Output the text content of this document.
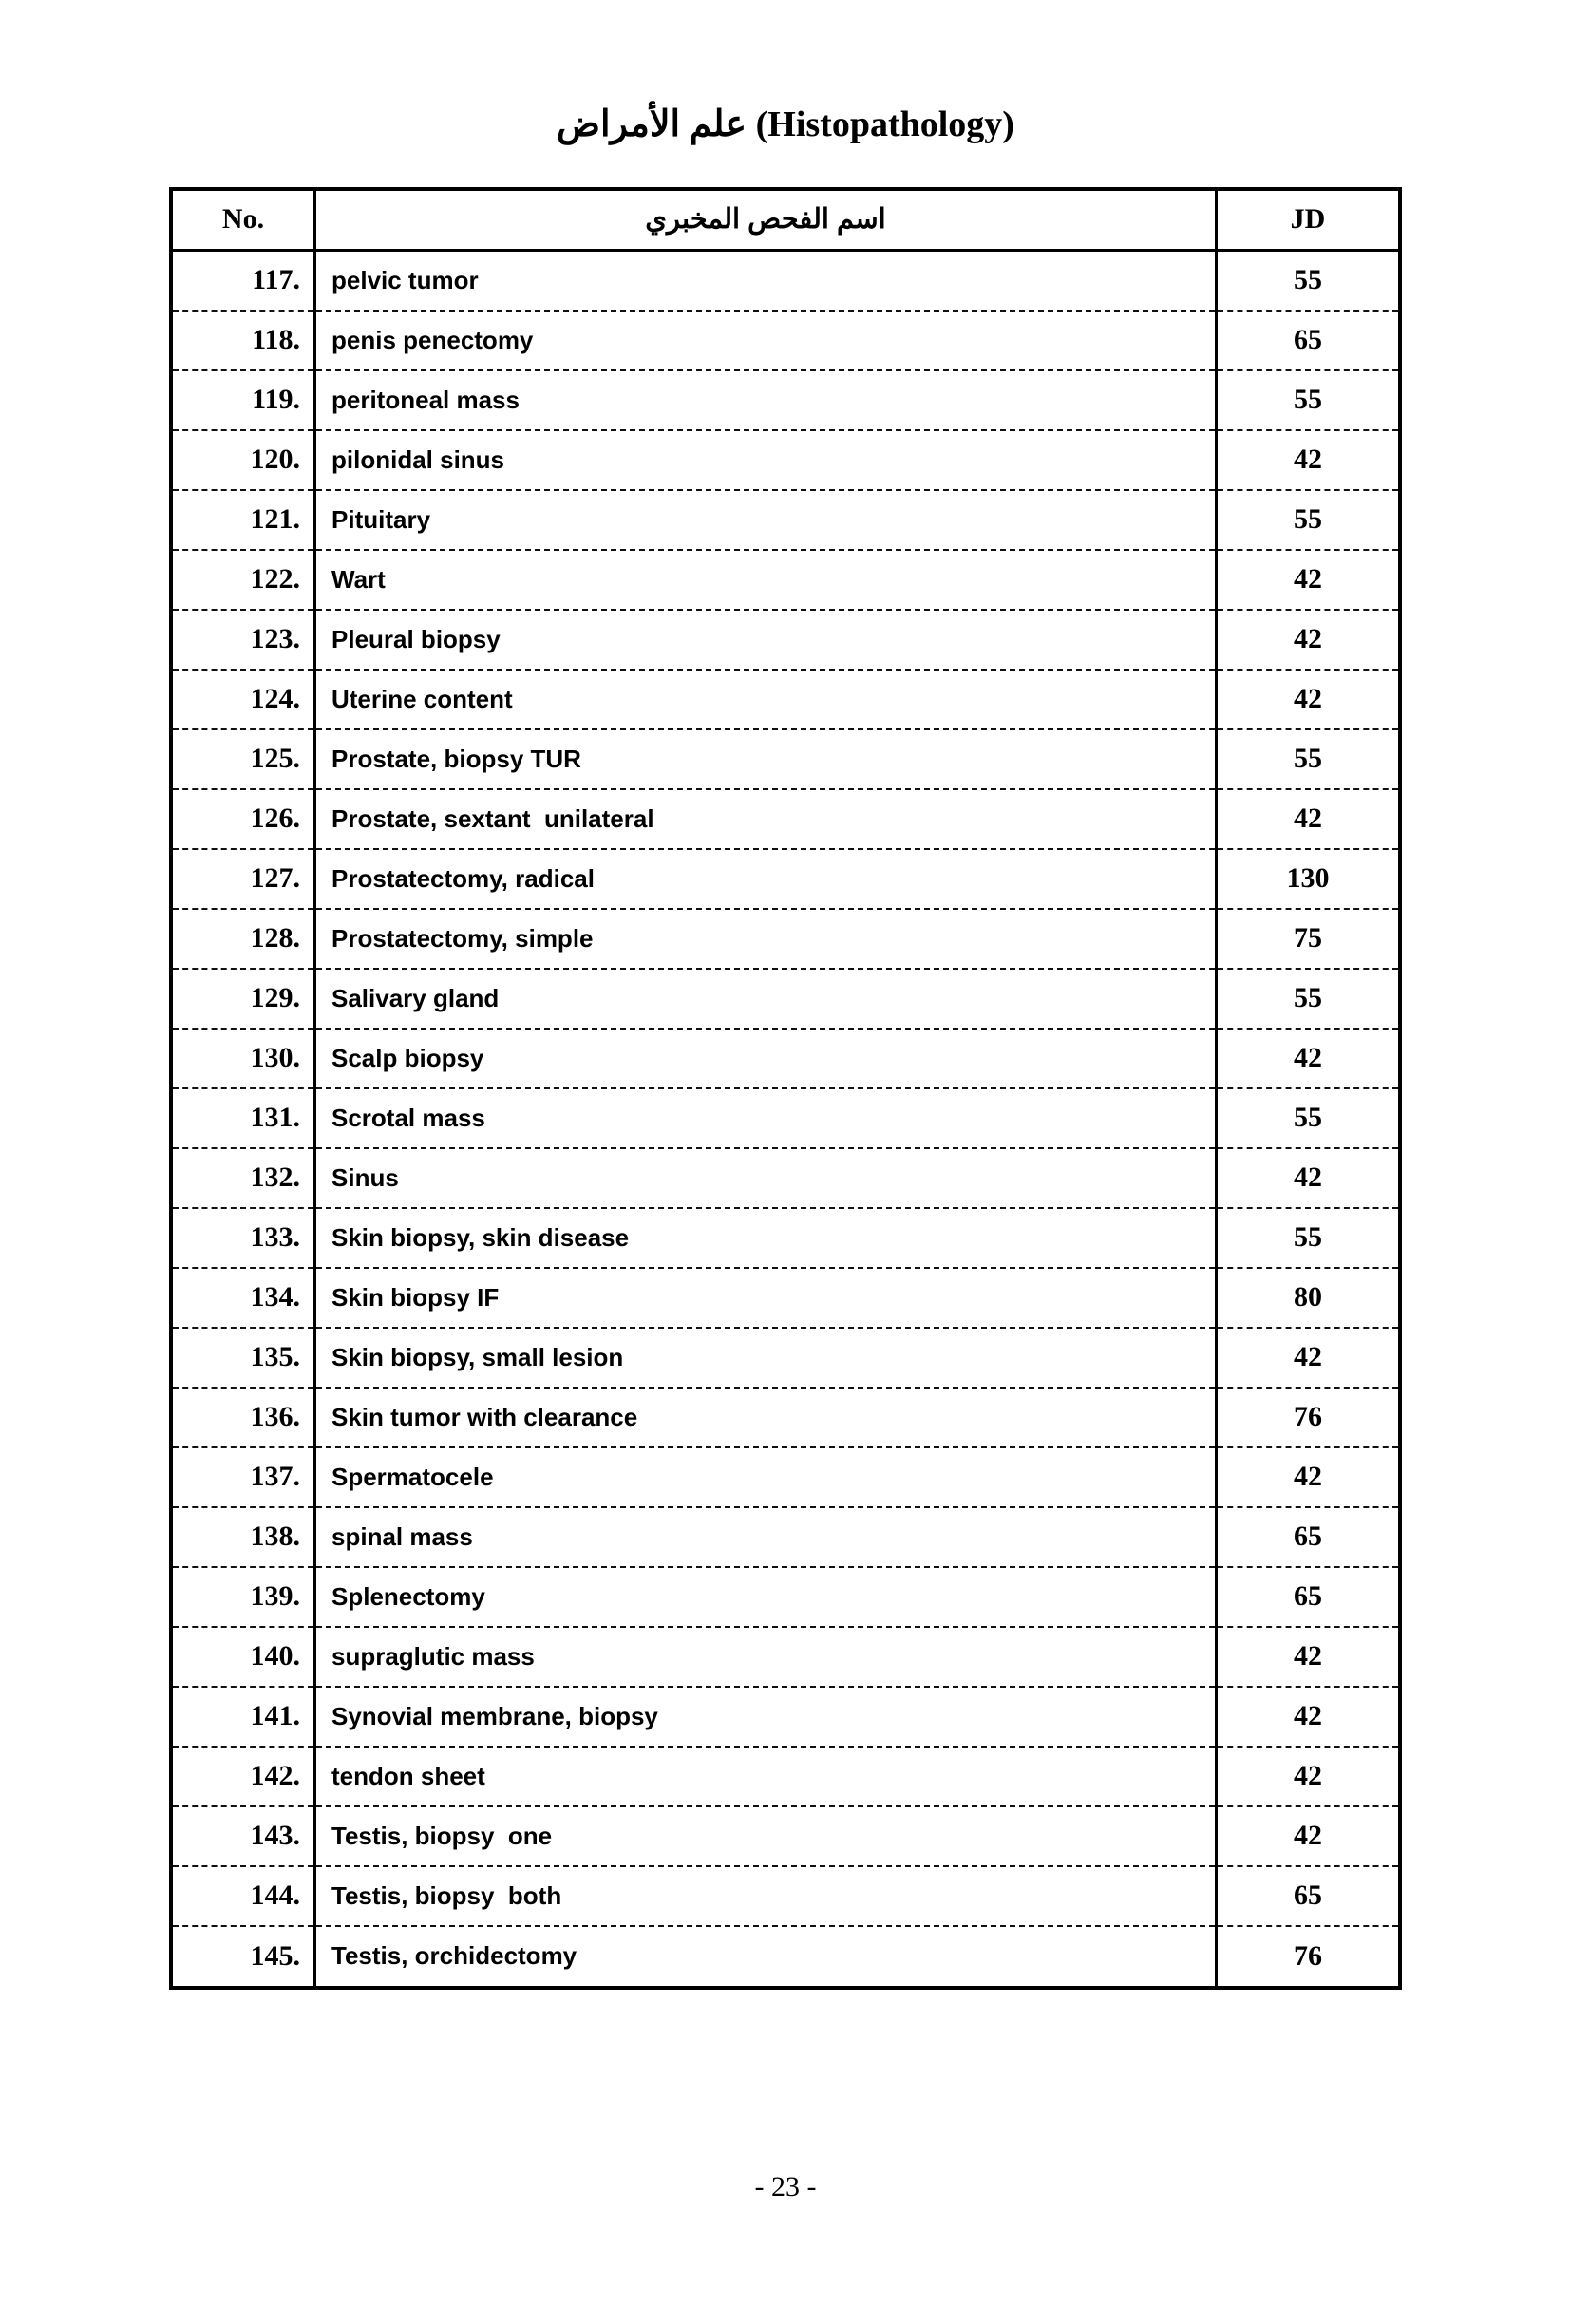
علم الأمراض (Histopathology)
No.	اسم الفحص المخبري	JD
117.	pelvic tumor	55
118.	penis penectomy	65
119.	peritoneal mass	55
120.	pilonidal sinus	42
121.	Pituitary	55
122.	Wart	42
123.	Pleural biopsy	42
124.	Uterine content	42
125.	Prostate, biopsy TUR	55
126.	Prostate, sextant  unilateral	42
127.	Prostatectomy, radical	130
128.	Prostatectomy, simple	75
129.	Salivary gland	55
130.	Scalp biopsy	42
131.	Scrotal mass	55
132.	Sinus	42
133.	Skin biopsy, skin disease	55
134.	Skin biopsy IF	80
135.	Skin biopsy, small lesion	42
136.	Skin tumor with clearance	76
137.	Spermatocele	42
138.	spinal mass	65
139.	Splenectomy	65
140.	supraglutic mass	42
141.	Synovial membrane, biopsy	42
142.	tendon sheet	42
143.	Testis, biopsy  one	42
144.	Testis, biopsy  both	65
145.	Testis, orchidectomy	76
- 23 -
